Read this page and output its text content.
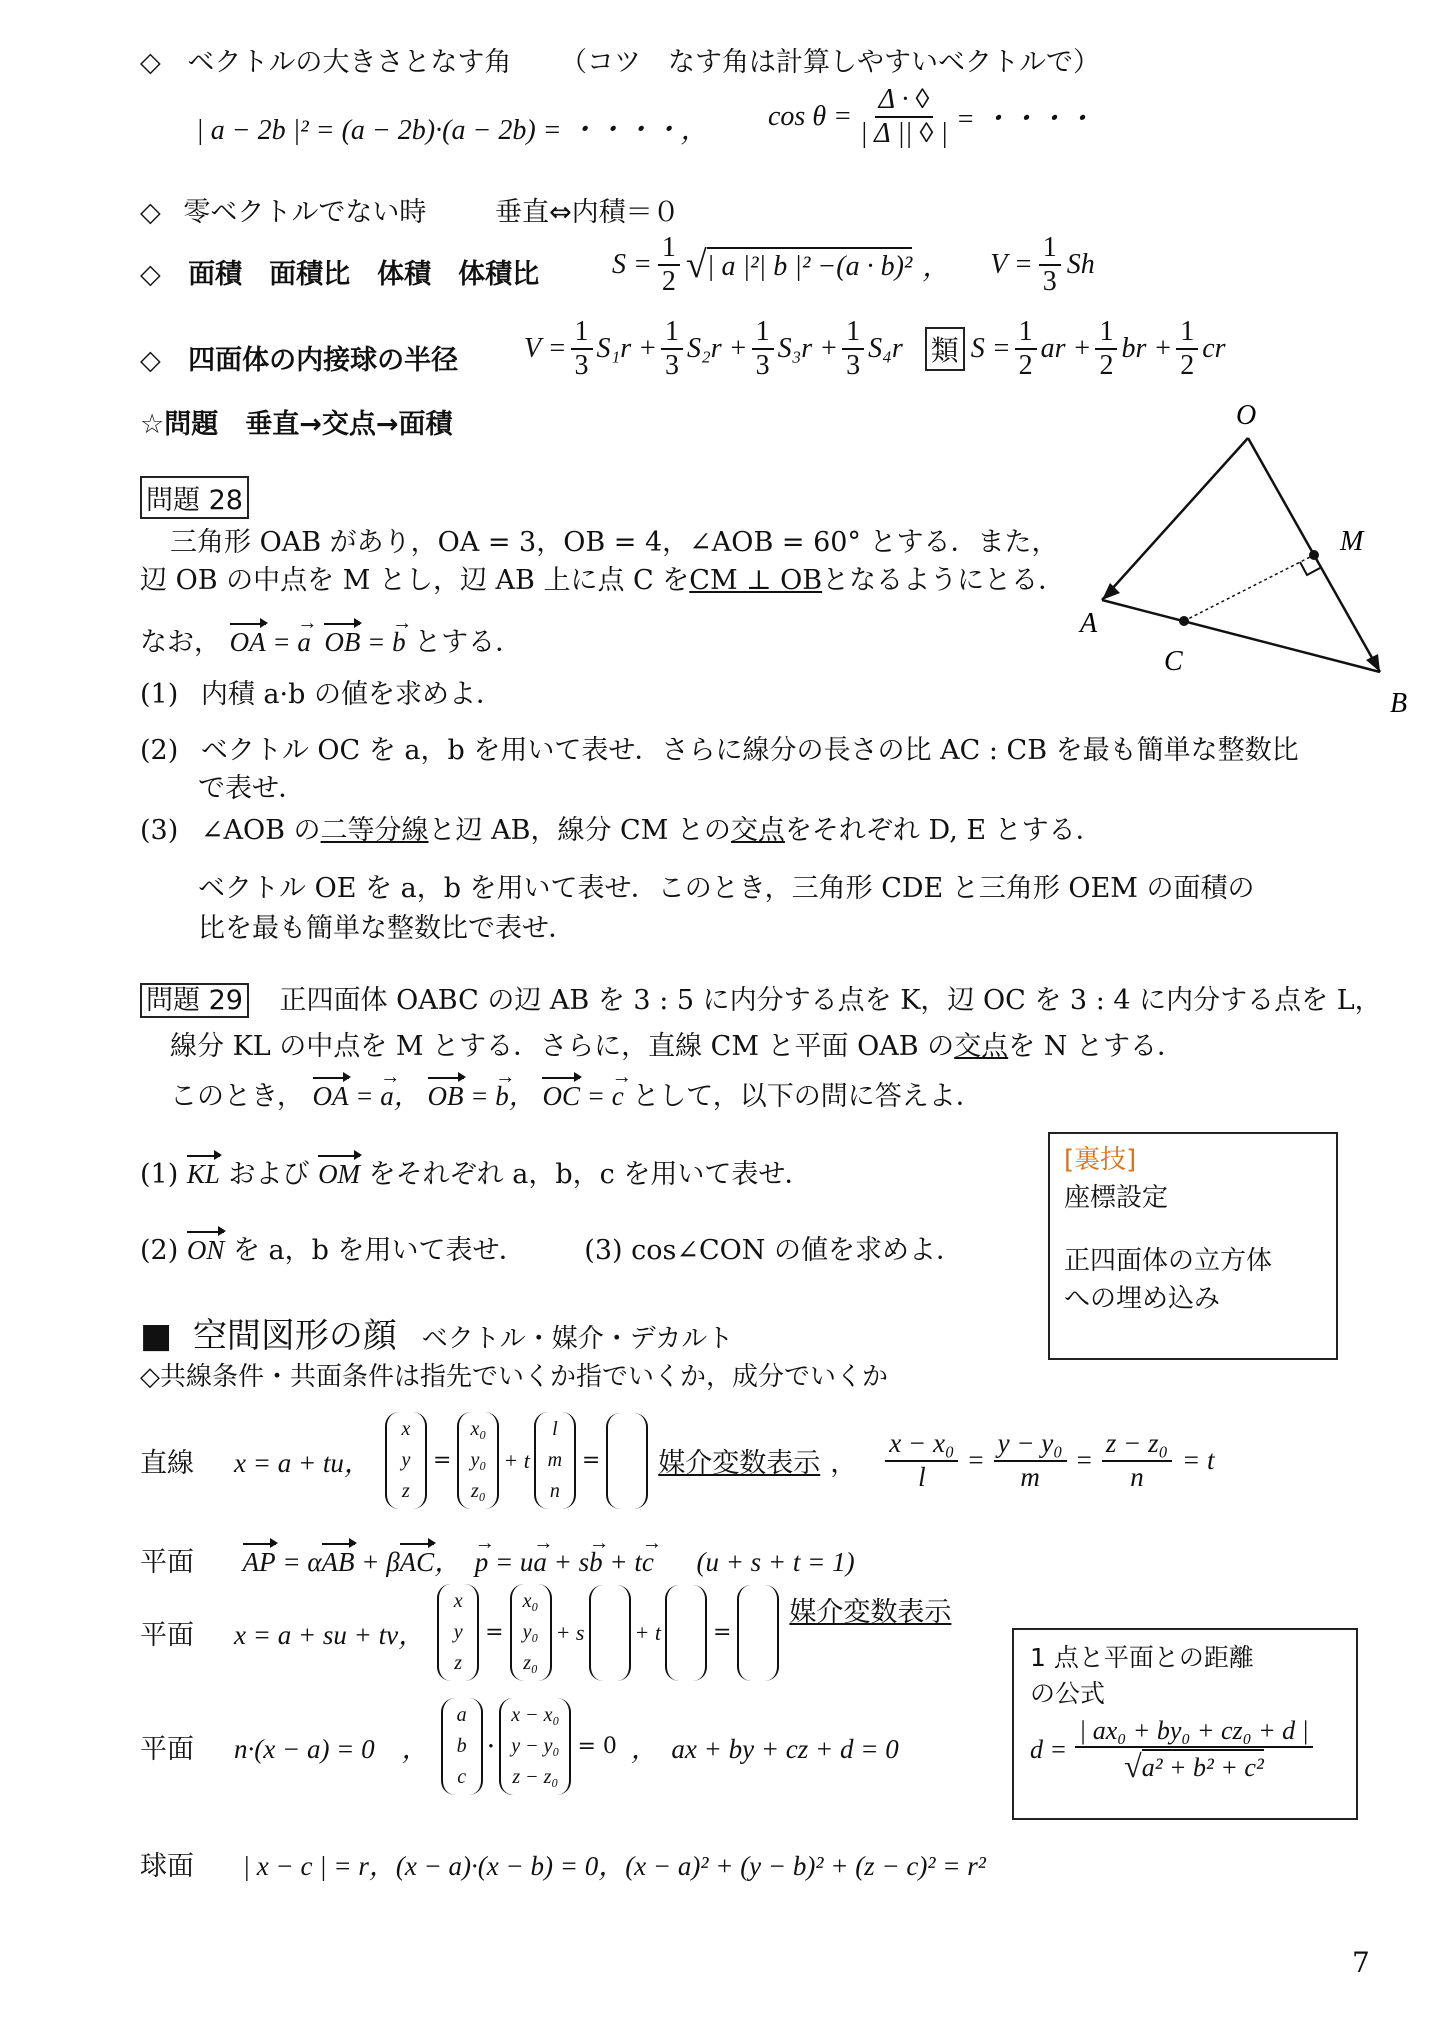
◇ ベクトルの大きさとなす角 （コツ　なす角は計算しやすいベクトルで）
| a − 2b |² = (a − 2b)·(a − 2b) = ・・・・， $\cos \theta = \frac{\Delta \cdot ◊}{| \Delta || ◊ |}$ = ・・・・
◇ 零ベクトルでない時	垂直⇔内積＝０
◇ 面積　面積比　体積　体積比	$S = \frac{1}{2}$ √ | a |²| b |² −(a · b)² ， $V = \frac{1}{3}$ Sh
◇ 四面体の内接球の半径 $V = \frac{1}{3} S_1r + \frac{1}{3} S_2r + \frac{1}{3} S_3r + \frac{1}{3} S_4r$ 類 $S = \frac{1}{2}$ ar + $\frac{1}{2}$ br + $\frac{1}{2}$ cr
☆問題　垂直→交点→面積
問題 28
三角形 OAB があり，OA = 3，OB = 4，∠AOB = 60° とする．また，
辺 OB の中点を M とし，辺 AB 上に点 C をCM ⊥ OBとなるようにとる．
なお， OA = → a OB = → b とする．
(1) 内積 a·b の値を求めよ．
(2) ベクトル OC を a，b を用いて表せ．さらに線分の長さの比 AC : CB を最も簡単な整数比
で表せ．
(3) ∠AOB の二等分線と辺 AB，線分 CM との交点をそれぞれ D, E とする．
ベクトル OE を a，b を用いて表せ．このとき，三角形 CDE と三角形 OEM の面積の
比を最も簡単な整数比で表せ．
O
A
B
C
M
問題 29 正四面体 OABC の辺 AB を 3 : 5 に内分する点を K，辺 OC を 3 : 4 に内分する点を L，
線分 KL の中点を M とする．さらに，直線 CM と平面 OAB の交点を N とする．
このとき， OA = → a， OB = → b， OC = → c として，以下の問に答えよ．
(1) KL および OM をそれぞれ a，b，c を用いて表せ．
(2) ON を a，b を用いて表せ． (3) cos∠CON の値を求めよ．
[裏技]
座標設定
正四面体の立方体
への埋め込み
■ 空間図形の顔 ベクトル・媒介・デカルト
◇共線条件・共面条件は指先でいくか指でいくか，成分でいくか
直線 x = a + tu，
x
y
z
=
x₀
y₀
z₀
+ t
l
m
n
= 媒介変数表示 ， $\frac{\text{x − x₀}}{l} = \frac{\text{y − y₀}}{m} = \frac{\text{z − z₀}}{n} = t$
平面 AP = αAB + βAC，  → p = u→ a + s→ b + t→ c (u + s + t = 1)
平面 x = a + su + tv，
x
y
z
=
x₀
y₀
z₀
+ s + t =
媒介変数表示
1 点と平面との距離
の公式
$d = \frac{\text{| ax₀ + by₀ + cz₀ + d |}}{\text{√ a² + b² + c²}}$
平面 n·(x − a) = 0　，
a
b
c
·
x − x₀
y − y₀
z − z₀
= 0 ，　ax + by + cz + d = 0
球面 | x − c | = r，(x − a)·(x − b) = 0，(x − a)² + (y − b)² + (z − c)² = r²
7
